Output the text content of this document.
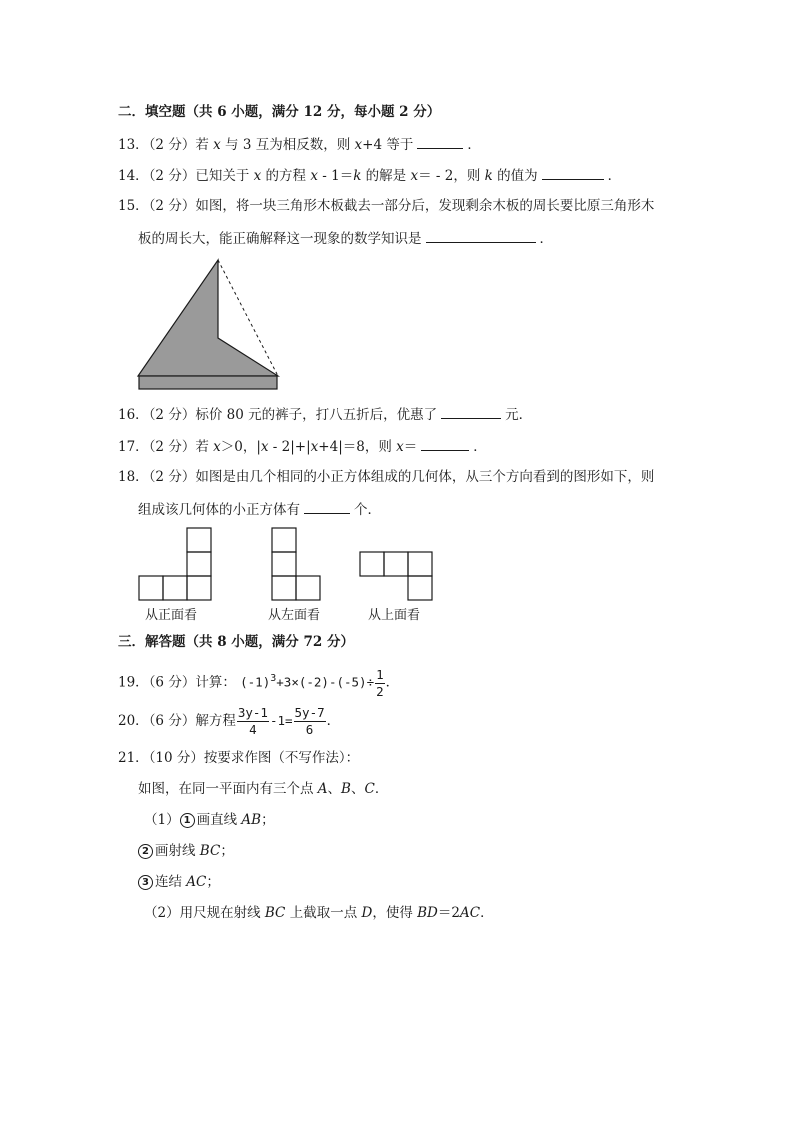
二．填空题（共 6 小题，满分 12 分，每小题 2 分）
13．（2 分）若 x 与 3 互为相反数，则 x+4 等于	．
14．（2 分）已知关于 x 的方程 x - 1＝k 的解是 x＝ - 2，则 k 的值为	．
15．（2 分）如图，将一块三角形木板截去一部分后，发现剩余木板的周长要比原三角形木
板的周长大，能正确解释这一现象的数学知识是	．
16．（2 分）标价 80 元的裤子，打八五折后，优惠了	元．
17．（2 分）若 x＞0，|x - 2|+|x+4|＝8，则 x＝	．
18．（2 分）如图是由几个相同的小正方体组成的几何体，从三个方向看到的图形如下，则
组成该几何体的小正方体有	个．
从正面看	从左面看	从上面看
三．解答题（共 8 小题，满分 72 分）
19．（6 分）计算： $(-1)^3+3\times(-2)-(-5)\div \frac{1}{2}$ ．
20．（6 分）解方程 $\frac{3y-1}{4} -1= \frac{5y-7}{6}$ ．
21．（10 分）按要求作图（不写作法）：
如图，在同一平面内有三个点 A、B、C．
（1） 1 画直线 AB；
2 画射线 BC；
3 连结 AC；
（2）用尺规在射线 BC 上截取一点 D，使得 BD＝2AC．
